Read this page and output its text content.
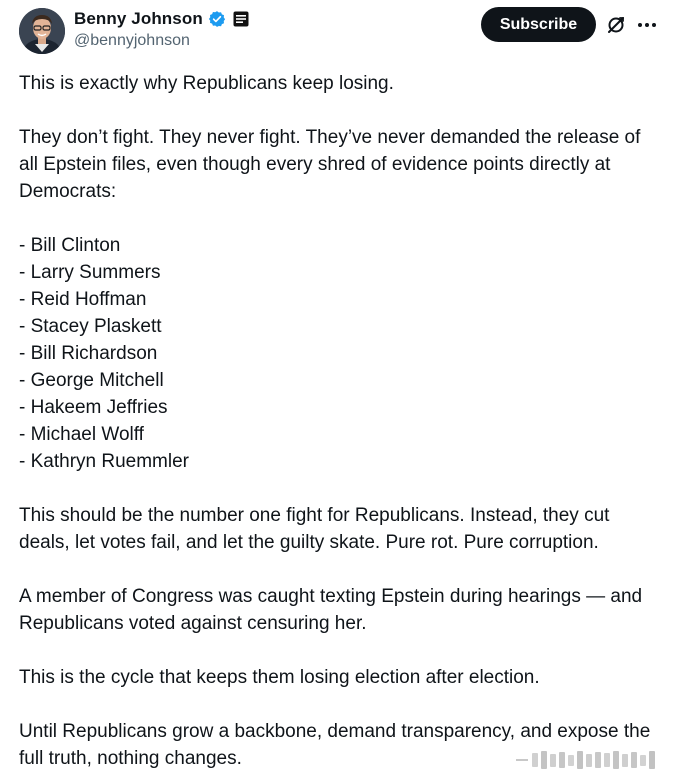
Benny Johnson
@bennyjohnson
Subscribe

This is exactly why Republicans keep losing.

They don’t fight. They never fight. They’ve never demanded the release of all Epstein files, even though every shred of evidence points directly at Democrats:

- Bill Clinton

- Larry Summers

- Reid Hoffman

- Stacey Plaskett

- Bill Richardson

- George Mitchell

- Hakeem Jeffries

- Michael Wolff

- Kathryn Ruemmler

This should be the number one fight for Republicans. Instead, they cut deals, let votes fail, and let the guilty skate. Pure rot. Pure corruption.

A member of Congress was caught texting Epstein during hearings — and Republicans voted against censuring her.

This is the cycle that keeps them losing election after election.

Until Republicans grow a backbone, demand transparency, and expose the full truth, nothing changes.
